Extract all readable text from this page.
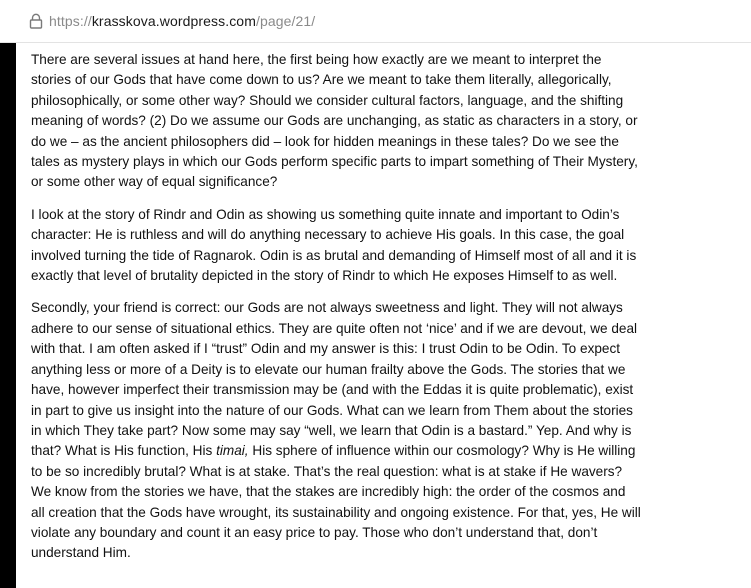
https://krasskova.wordpress.com/page/21/

There are several issues at hand here, the first being how exactly are we meant to interpret the stories of our Gods that have come down to us? Are we meant to take them literally, allegorically, philosophically, or some other way? Should we consider cultural factors, language, and the shifting meaning of words? (2) Do we assume our Gods are unchanging, as static as characters in a story, or do we – as the ancient philosophers did – look for hidden meanings in these tales? Do we see the tales as mystery plays in which our Gods perform specific parts to impart something of Their Mystery, or some other way of equal significance?

I look at the story of Rindr and Odin as showing us something quite innate and important to Odin’s character: He is ruthless and will do anything necessary to achieve His goals. In this case, the goal involved turning the tide of Ragnarok. Odin is as brutal and demanding of Himself most of all and it is exactly that level of brutality depicted in the story of Rindr to which He exposes Himself to as well.

Secondly, your friend is correct: our Gods are not always sweetness and light. They will not always adhere to our sense of situational ethics. They are quite often not ‘nice’ and if we are devout, we deal with that. I am often asked if I “trust” Odin and my answer is this: I trust Odin to be Odin. To expect anything less or more of a Deity is to elevate our human frailty above the Gods. The stories that we have, however imperfect their transmission may be (and with the Eddas it is quite problematic), exist in part to give us insight into the nature of our Gods. What can we learn from Them about the stories in which They take part? Now some may say “well, we learn that Odin is a bastard.” Yep. And why is that? What is His function, His timai, His sphere of influence within our cosmology? Why is He willing to be so incredibly brutal? What is at stake. That’s the real question: what is at stake if He wavers? We know from the stories we have, that the stakes are incredibly high: the order of the cosmos and all creation that the Gods have wrought, its sustainability and ongoing existence. For that, yes, He will violate any boundary and count it an easy price to pay. Those who don’t understand that, don’t understand Him.
